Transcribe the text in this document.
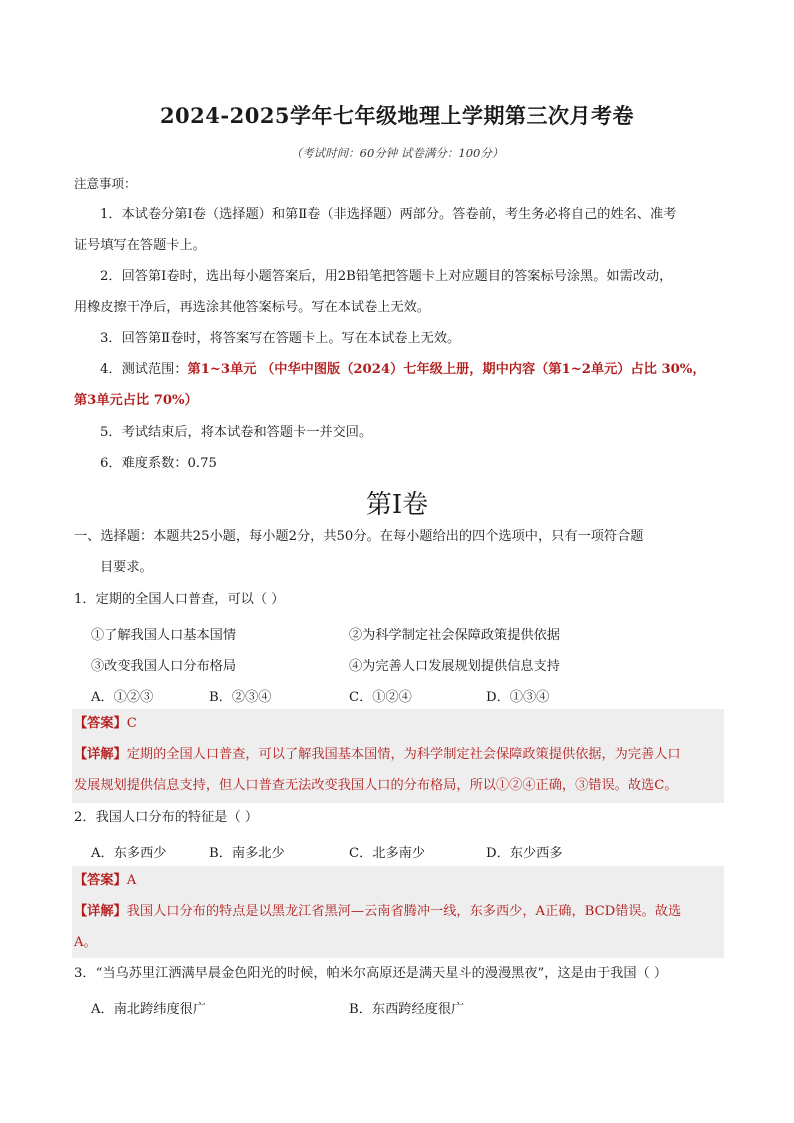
2024-2025学年七年级地理上学期第三次月考卷
（考试时间：60分钟 试卷满分：100分）
注意事项：
1．本试卷分第Ⅰ卷（选择题）和第Ⅱ卷（非选择题）两部分。答卷前，考生务必将自己的姓名、准考
证号填写在答题卡上。
2．回答第Ⅰ卷时，选出每小题答案后，用2B铅笔把答题卡上对应题目的答案标号涂黑。如需改动，
用橡皮擦干净后，再选涂其他答案标号。写在本试卷上无效。
3．回答第Ⅱ卷时，将答案写在答题卡上。写在本试卷上无效。
4．测试范围：第1~3单元 （中华中图版（2024）七年级上册，期中内容（第1~2单元）占比 30%，
第3单元占比 70%）
5．考试结束后，将本试卷和答题卡一并交回。
6．难度系数：0.75
第Ⅰ卷
一、选择题：本题共25小题，每小题2分，共50分。在每小题给出的四个选项中，只有一项符合题
目要求。
1．定期的全国人口普查，可以（ ）
①了解我国人口基本国情	②为科学制定社会保障政策提供依据
③改变我国人口分布格局	④为完善人口发展规划提供信息支持
A．①②③	B．②③④	C．①②④	D．①③④
【答案】C
【详解】定期的全国人口普查，可以了解我国基本国情，为科学制定社会保障政策提供依据，为完善人口
发展规划提供信息支持，但人口普查无法改变我国人口的分布格局，所以①②④正确，③错误。故选C。
2．我国人口分布的特征是（ ）
A．东多西少	B．南多北少	C．北多南少	D．东少西多
【答案】A
【详解】我国人口分布的特点是以黑龙江省黑河—云南省腾冲一线，东多西少，A正确，BCD错误。故选
A。
3．“当乌苏里江洒满早晨金色阳光的时候，帕米尔高原还是满天星斗的漫漫黑夜”，这是由于我国（ ）
A．南北跨纬度很广	B．东西跨经度很广
